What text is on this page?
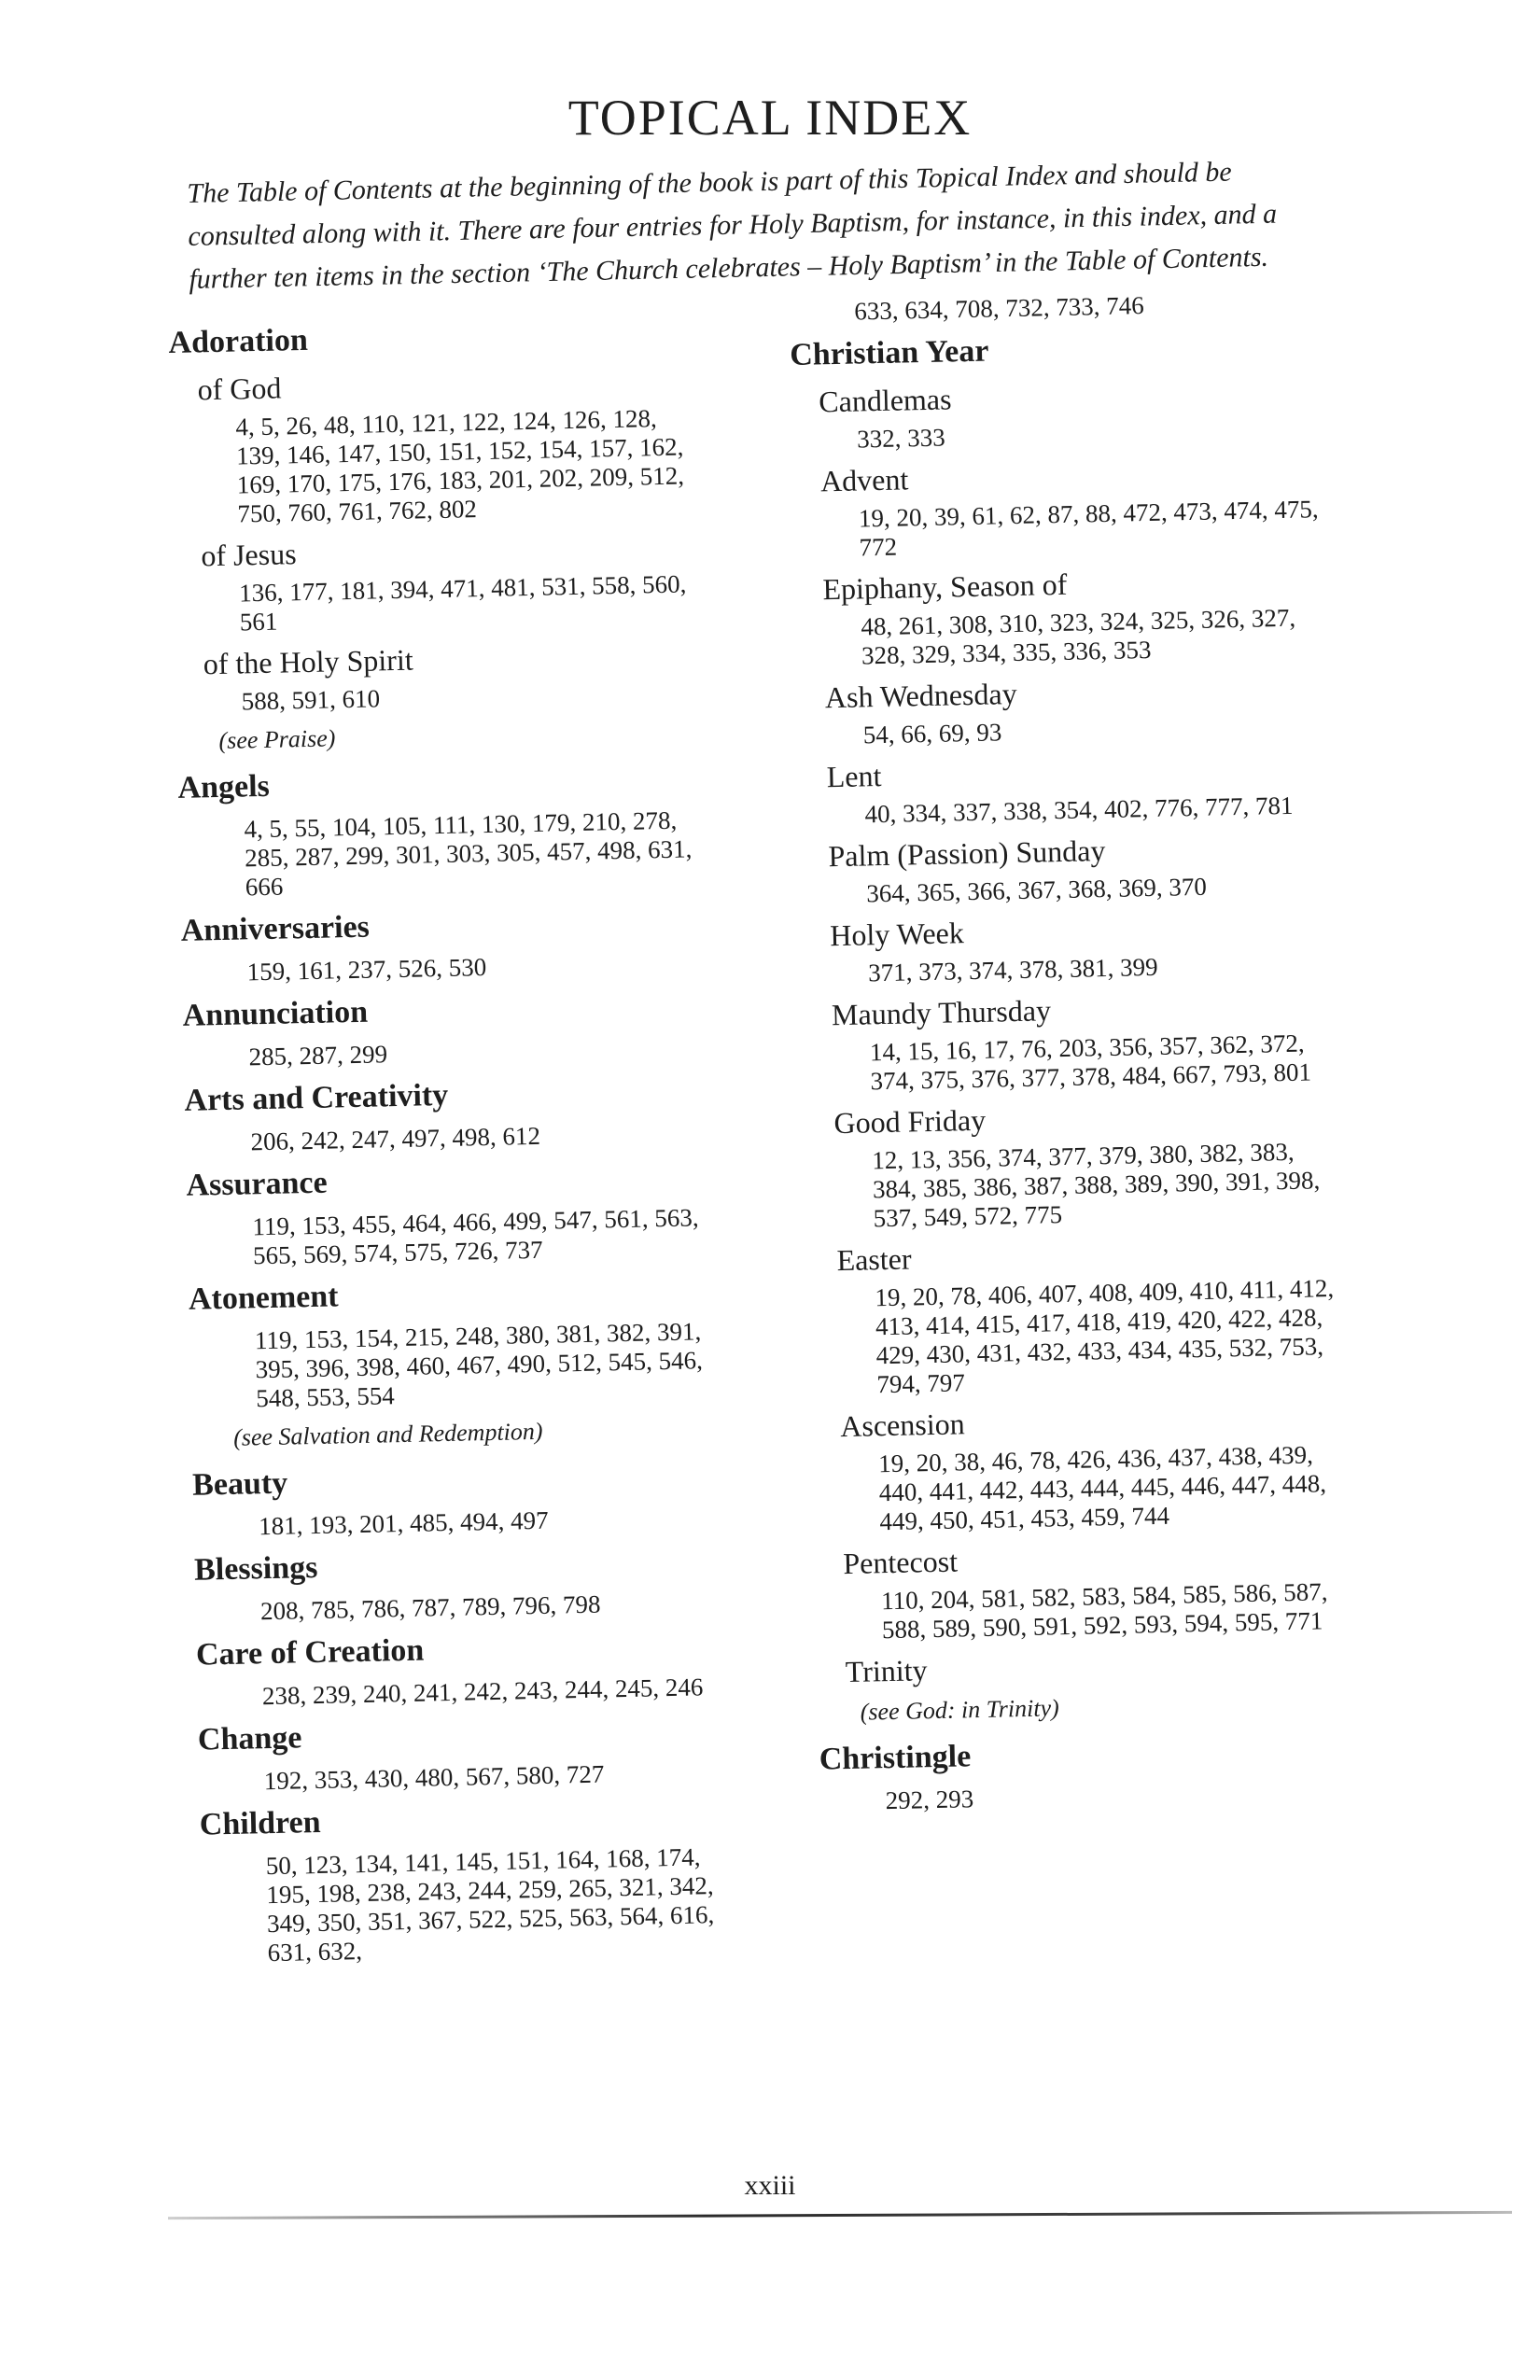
TOPICAL INDEX

The Table of Contents at the beginning of the book is part of this Topical Index and should be

consulted along with it. There are four entries for Holy Baptism, for instance, in this index, and a

further ten items in the section ‘The Church celebrates – Holy Baptism’ in the Table of Contents.

Adoration
of God
4, 5, 26, 48, 110, 121, 122, 124, 126, 128, 139, 146, 147, 150, 151, 152, 154, 157, 162, 169, 170, 175, 176, 183, 201, 202, 209, 512, 750, 760, 761, 762, 802
of Jesus
136, 177, 181, 394, 471, 481, 531, 558, 560, 561
of the Holy Spirit
588, 591, 610
(see Praise)
Angels
4, 5, 55, 104, 105, 111, 130, 179, 210, 278, 285, 287, 299, 301, 303, 305, 457, 498, 631, 666
Anniversaries
159, 161, 237, 526, 530
Annunciation
285, 287, 299
Arts and Creativity
206, 242, 247, 497, 498, 612
Assurance
119, 153, 455, 464, 466, 499, 547, 561, 563, 565, 569, 574, 575, 726, 737
Atonement
119, 153, 154, 215, 248, 380, 381, 382, 391, 395, 396, 398, 460, 467, 490, 512, 545, 546, 548, 553, 554
(see Salvation and Redemption)
Beauty
181, 193, 201, 485, 494, 497
Blessings
208, 785, 786, 787, 789, 796, 798
Care of Creation
238, 239, 240, 241, 242, 243, 244, 245, 246
Change
192, 353, 430, 480, 567, 580, 727
Children
50, 123, 134, 141, 145, 151, 164, 168, 174, 195, 198, 238, 243, 244, 259, 265, 321, 342, 349, 350, 351, 367, 522, 525, 563, 564, 616, 631, 632,
633, 634, 708, 732, 733, 746
Christian Year
Candlemas
332, 333
Advent
19, 20, 39, 61, 62, 87, 88, 472, 473, 474, 475, 772
Epiphany, Season of
48, 261, 308, 310, 323, 324, 325, 326, 327, 328, 329, 334, 335, 336, 353
Ash Wednesday
54, 66, 69, 93
Lent
40, 334, 337, 338, 354, 402, 776, 777, 781
Palm (Passion) Sunday
364, 365, 366, 367, 368, 369, 370
Holy Week
371, 373, 374, 378, 381, 399
Maundy Thursday
14, 15, 16, 17, 76, 203, 356, 357, 362, 372, 374, 375, 376, 377, 378, 484, 667, 793, 801
Good Friday
12, 13, 356, 374, 377, 379, 380, 382, 383, 384, 385, 386, 387, 388, 389, 390, 391, 398, 537, 549, 572, 775
Easter
19, 20, 78, 406, 407, 408, 409, 410, 411, 412, 413, 414, 415, 417, 418, 419, 420, 422, 428, 429, 430, 431, 432, 433, 434, 435, 532, 753, 794, 797
Ascension
19, 20, 38, 46, 78, 426, 436, 437, 438, 439, 440, 441, 442, 443, 444, 445, 446, 447, 448, 449, 450, 451, 453, 459, 744
Pentecost
110, 204, 581, 582, 583, 584, 585, 586, 587, 588, 589, 590, 591, 592, 593, 594, 595, 771
Trinity
(see God: in Trinity)
Christingle
292, 293
xxiii
